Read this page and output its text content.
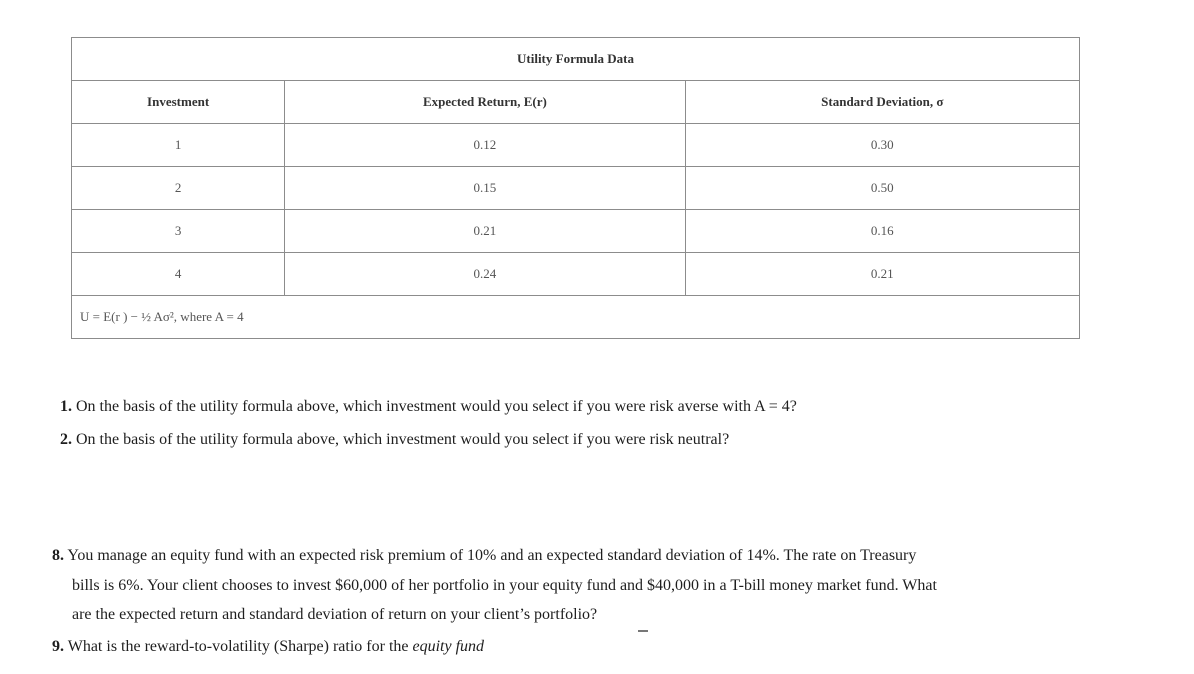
Utility Formula Data		
Investment	Expected Return, E(r)	Standard Deviation, σ
1	0.12	0.30
2	0.15	0.50
3	0.21	0.16
4	0.24	0.21
U = E(r ) − ½ Aσ², where A = 4		
1. On the basis of the utility formula above, which investment would you select if you were risk averse with A = 4?
2. On the basis of the utility formula above, which investment would you select if you were risk neutral?
8. You manage an equity fund with an expected risk premium of 10% and an expected standard deviation of 14%. The rate on Treasury
bills is 6%. Your client chooses to invest $60,000 of her portfolio in your equity fund and $40,000 in a T-bill money market fund. What
are the expected return and standard deviation of return on your client’s portfolio?
9. What is the reward-to-volatility (Sharpe) ratio for the equity fund
